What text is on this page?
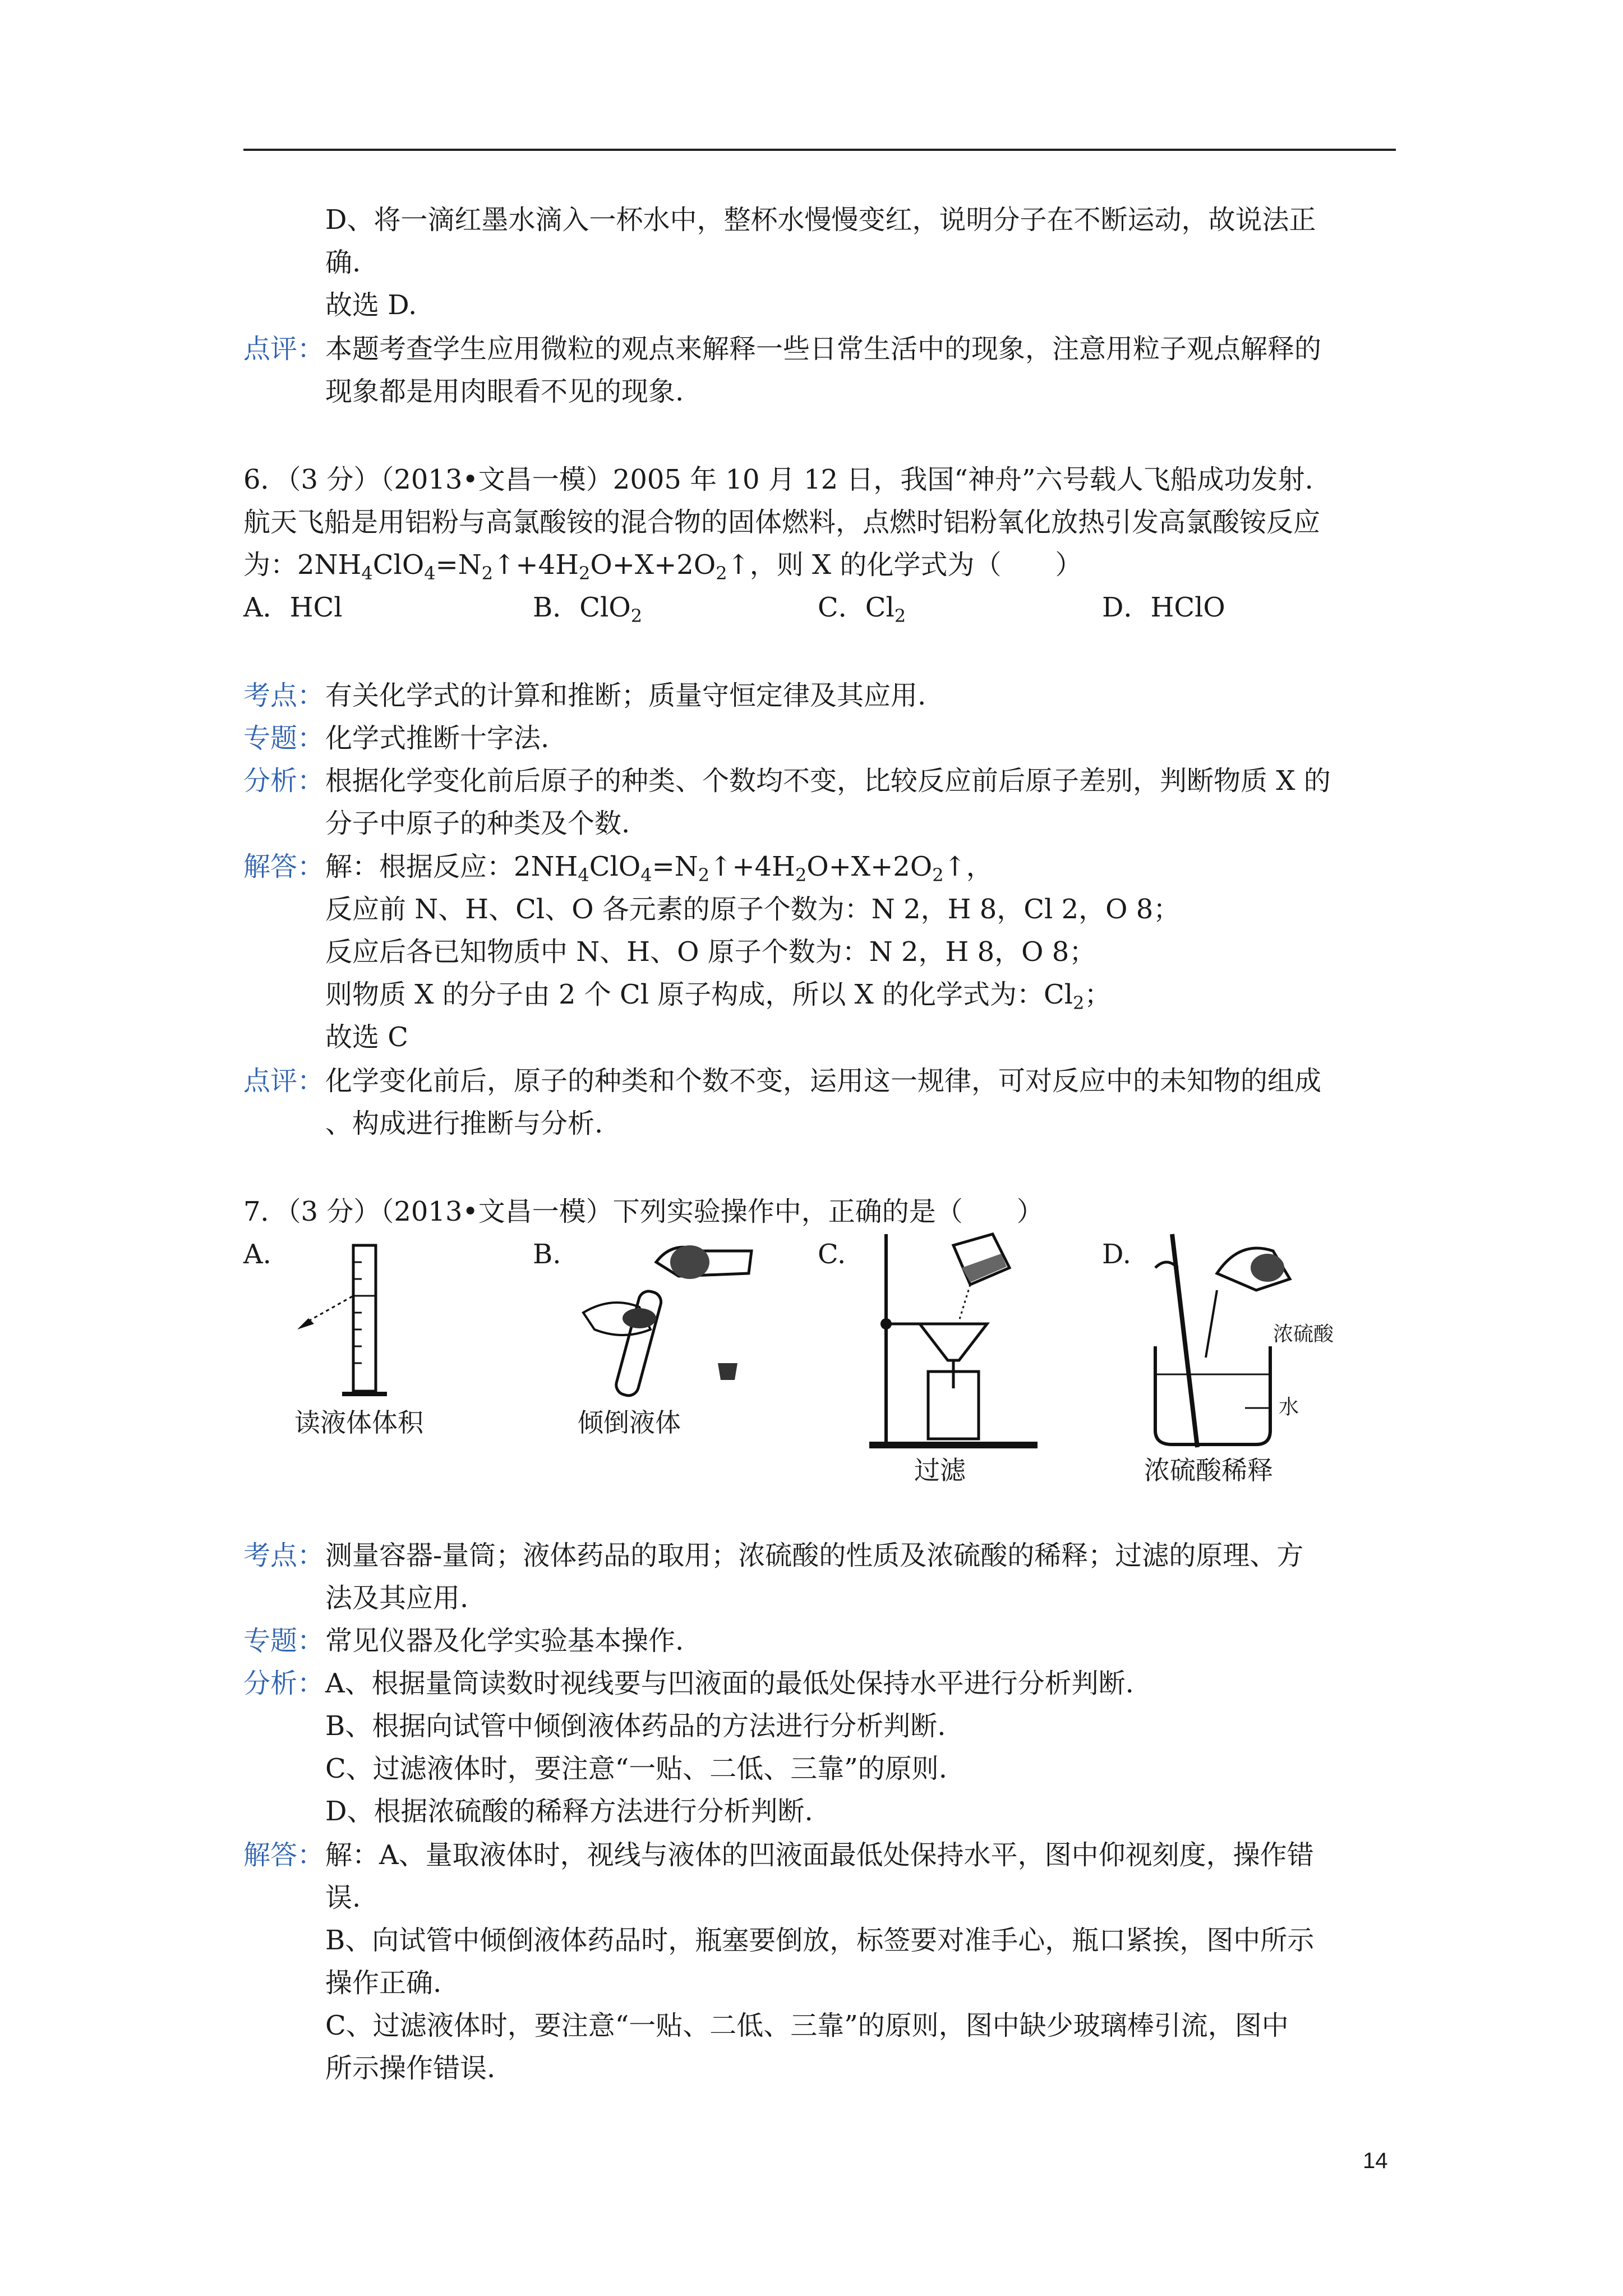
D、将一滴红墨水滴入一杯水中，整杯水慢慢变红，说明分子在不断运动，故说法正
确.
故选 D.
点评： 本题考查学生应用微粒的观点来解释一些日常生活中的现象，注意用粒子观点解释的
现象都是用肉眼看不见的现象.
6．（3 分）（2013•文昌一模）2005 年 10 月 12 日，我国“神舟”六号载人飞船成功发射.
航天飞船是用铝粉与高氯酸铵的混合物的固体燃料，点燃时铝粉氧化放热引发高氯酸铵反应
为：$2NH_4ClO_4=N_2↑+4H_2O+X+2O_2↑$，则 X 的化学式为（　　）
A．HCl	B．ClO$_2$	C．$Cl_2$	D．HClO
考点： 有关化学式的计算和推断；质量守恒定律及其应用.
专题： 化学式推断十字法.
分析： 根据化学变化前后原子的种类、个数均不变，比较反应前后原子差别，判断物质 X 的
分子中原子的种类及个数.
解答： 解：根据反应：$2NH_4ClO_4=N_2↑+4H_2O+X+2O_2↑$，
反应前 N、H、Cl、O 各元素的原子个数为：N 2，H 8，Cl 2，O 8；
反应后各已知物质中 N、H、O 原子个数为：N 2，H 8，O 8；
则物质 X 的分子由 2 个 Cl 原子构成，所以 X 的化学式为：$Cl_2$；
故选 C
点评： 化学变化前后，原子的种类和个数不变，运用这一规律，可对反应中的未知物的组成
、构成进行推断与分析.
7．（3 分）（2013•文昌一模）下列实验操作中，正确的是（　　）
A.	B.	C.	D.
读液体体积	倾倒液体
过滤
浓硫酸
水
浓硫酸稀释
考点： 测量容器-量筒；液体药品的取用；浓硫酸的性质及浓硫酸的稀释；过滤的原理、方
法及其应用.
专题： 常见仪器及化学实验基本操作.
分析： A、根据量筒读数时视线要与凹液面的最低处保持水平进行分析判断.
B、根据向试管中倾倒液体药品的方法进行分析判断.
C、过滤液体时，要注意“一贴、二低、三靠”的原则.
D、根据浓硫酸的稀释方法进行分析判断.
解答： 解：A、量取液体时，视线与液体的凹液面最低处保持水平，图中仰视刻度，操作错
误.
B、向试管中倾倒液体药品时，瓶塞要倒放，标签要对准手心，瓶口紧挨，图中所示
操作正确.
C、过滤液体时，要注意“一贴、二低、三靠”的原则，图中缺少玻璃棒引流，图中
所示操作错误.
14
